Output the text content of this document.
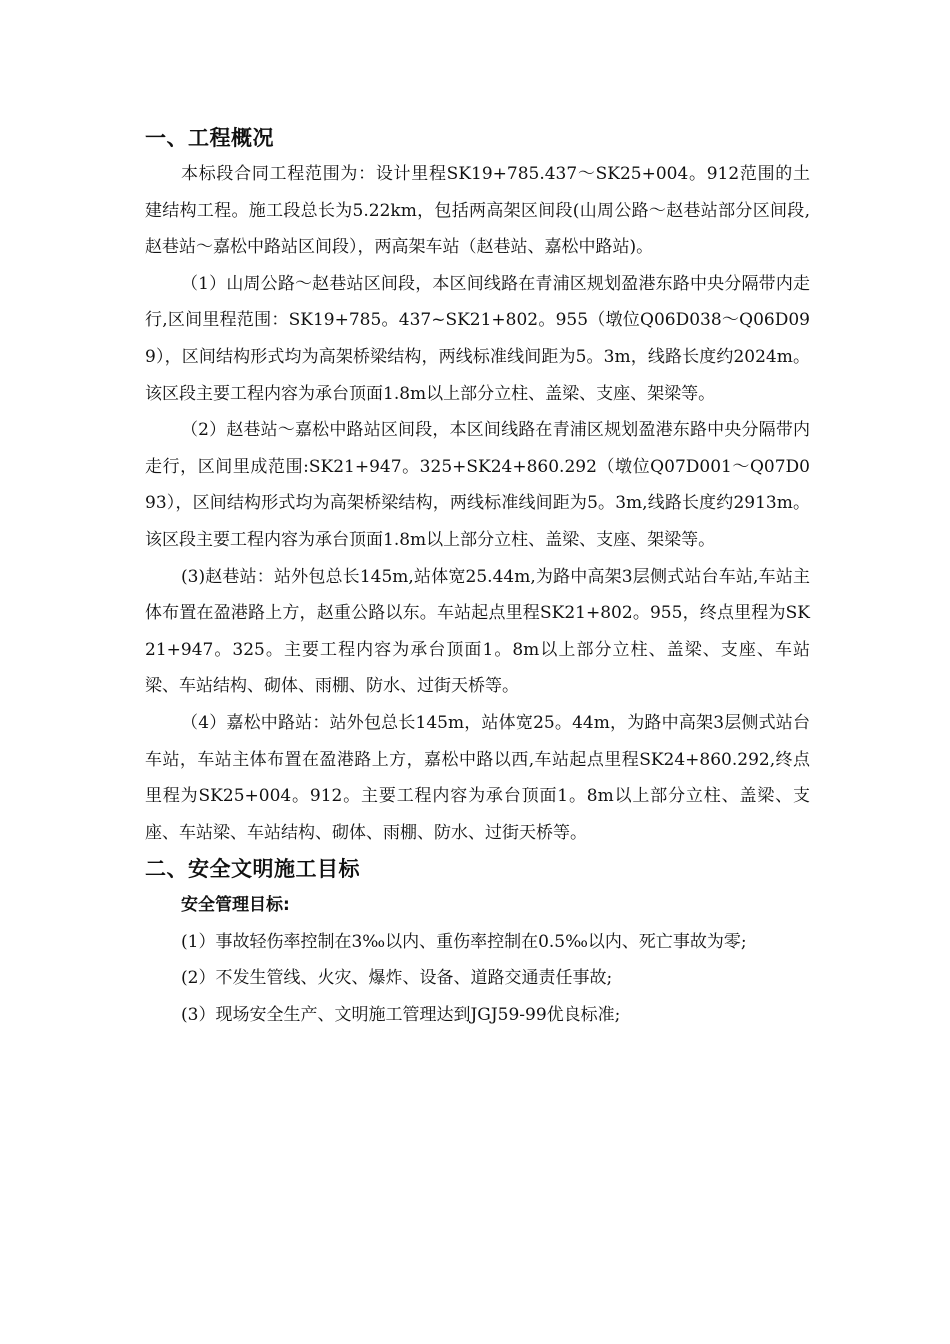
一、工程概况

本标段合同工程范围为：设计里程SK19+785.437～SK25+004。912范围的土建结构工程。施工段总长为5.22km，包括两高架区间段(山周公路～赵巷站部分区间段,赵巷站～嘉松中路站区间段），两高架车站（赵巷站、嘉松中路站)。

（1）山周公路～赵巷站区间段，本区间线路在青浦区规划盈港东路中央分隔带内走行,区间里程范围：SK19+785。437~SK21+802。955（墩位Q06D038～Q06D099），区间结构形式均为高架桥梁结构，两线标准线间距为5。3m，线路长度约2024m。该区段主要工程内容为承台顶面1.8m以上部分立柱、盖梁、支座、架梁等。

（2）赵巷站～嘉松中路站区间段，本区间线路在青浦区规划盈港东路中央分隔带内走行，区间里成范围:SK21+947。325+SK24+860.292（墩位Q07D001～Q07D093），区间结构形式均为高架桥梁结构，两线标准线间距为5。3m,线路长度约2913m。该区段主要工程内容为承台顶面1.8m以上部分立柱、盖梁、支座、架梁等。

(3)赵巷站：站外包总长145m,站体宽25.44m,为路中高架3层侧式站台车站,车站主体布置在盈港路上方，赵重公路以东。车站起点里程SK21+802。955，终点里程为SK21+947。325。主要工程内容为承台顶面1。8m以上部分立柱、盖梁、支座、车站梁、车站结构、砌体、雨棚、防水、过街天桥等。

（4）嘉松中路站：站外包总长145m，站体宽25。44m，为路中高架3层侧式站台车站，车站主体布置在盈港路上方，嘉松中路以西,车站起点里程SK24+860.292,终点里程为SK25+004。912。主要工程内容为承台顶面1。8m以上部分立柱、盖梁、支座、车站梁、车站结构、砌体、雨棚、防水、过街天桥等。

二、安全文明施工目标
安全管理目标:
(1）事故轻伤率控制在3‰以内、重伤率控制在0.5‰以内、死亡事故为零;
(2）不发生管线、火灾、爆炸、设备、道路交通责任事故;
(3）现场安全生产、文明施工管理达到JGJ59-99优良标准;
